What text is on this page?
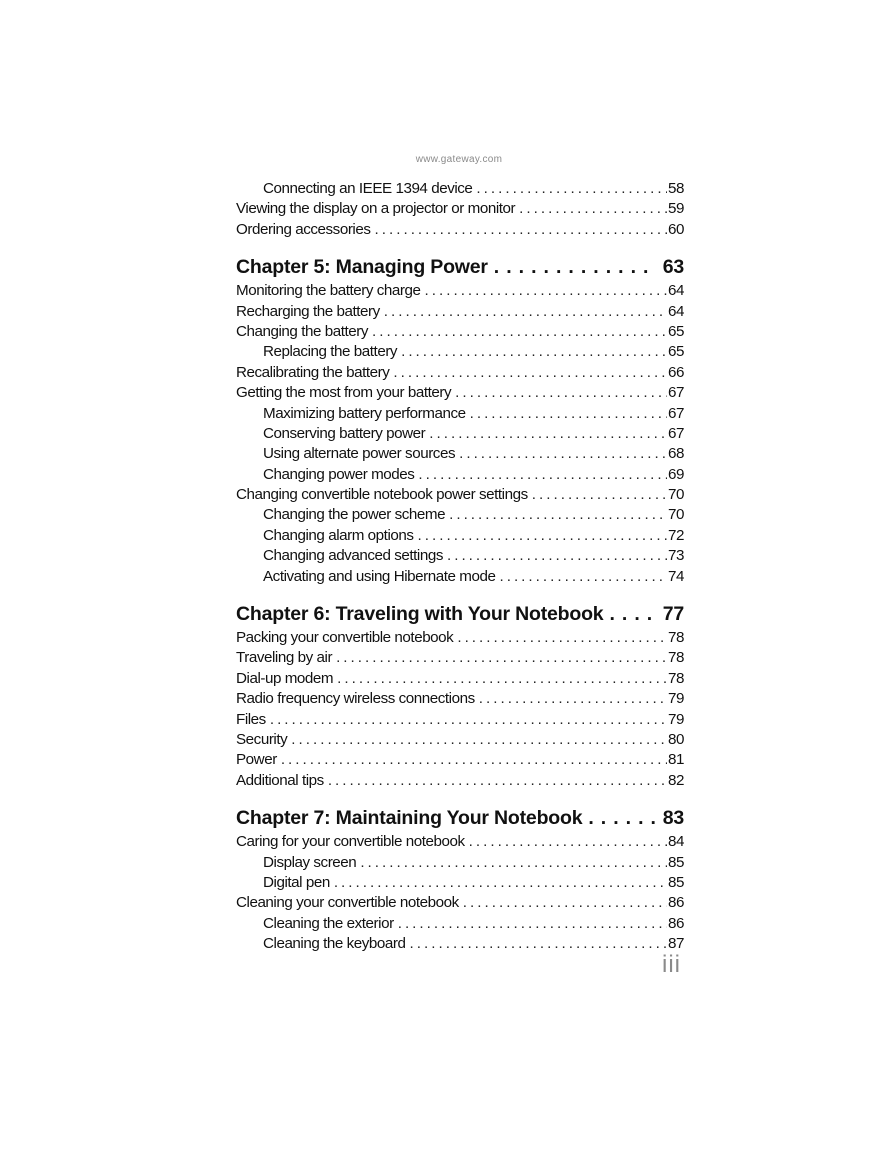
www.gateway.com
Connecting an IEEE 1394 device . . .	58
Viewing the display on a projector or monitor . . .	59
Ordering accessories . . .	60
Chapter 5: Managing Power . . .	63
Monitoring the battery charge . . .	64
Recharging the battery . . .	64
Changing the battery . . .	65
Replacing the battery . . .	65
Recalibrating the battery . . .	66
Getting the most from your battery . . .	67
Maximizing battery performance . . .	67
Conserving battery power . . .	67
Using alternate power sources . . .	68
Changing power modes . . .	69
Changing convertible notebook power settings . . .	70
Changing the power scheme . . .	70
Changing alarm options . . .	72
Changing advanced settings . . .	73
Activating and using Hibernate mode . . .	74
Chapter 6: Traveling with Your Notebook . . .	77
Packing your convertible notebook . . .	78
Traveling by air . . .	78
Dial-up modem . . .	78
Radio frequency wireless connections . . .	79
Files . . .	79
Security . . .	80
Power . . .	81
Additional tips . . .	82
Chapter 7: Maintaining Your Notebook . . .	83
Caring for your convertible notebook . . .	84
Display screen . . .	85
Digital pen . . .	85
Cleaning your convertible notebook . . .	86
Cleaning the exterior . . .	86
Cleaning the keyboard . . .	87
iii
